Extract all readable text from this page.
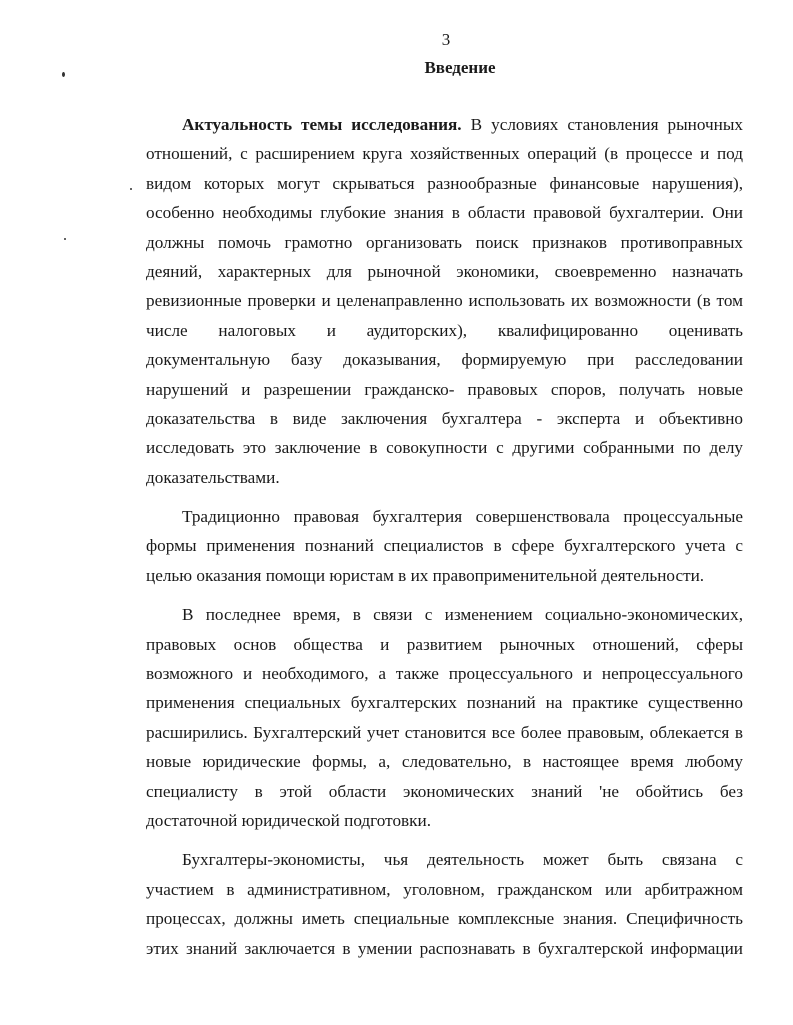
3
Введение
Актуальность темы исследования. В условиях становления рыночных
отношений, с расширением круга хозяйственных операций (в процессе и под
видом которых могут скрываться разнообразные финансовые нарушения),
особенно необходимы глубокие знания в области правовой бухгалтерии. Они
должны помочь грамотно организовать поиск признаков противоправных
деяний, характерных для рыночной экономики, своевременно назначать
ревизионные проверки и целенаправленно использовать их возможности (в том
числе налоговых и аудиторских), квалифицированно оценивать
документальную базу доказывания, формируемую при расследовании
нарушений и разрешении гражданско- правовых споров, получать новые
доказательства в виде заключения бухгалтера - эксперта и объективно
исследовать это заключение в совокупности с другими собранными по делу
доказательствами.
Традиционно правовая бухгалтерия совершенствовала процессуальные
формы применения познаний специалистов в сфере бухгалтерского учета с
целью оказания помощи юристам в их правоприменительной деятельности.
В последнее время, в связи с изменением социально-экономических,
правовых основ общества и развитием рыночных отношений, сферы
возможного и необходимого, а также процессуального и непроцессуального
применения специальных бухгалтерских познаний на практике существенно
расширились. Бухгалтерский учет становится все более правовым, облекается в
новые юридические формы, а, следовательно, в настоящее время любому
специалисту в этой области экономических знаний 'не обойтись без
достаточной юридической подготовки.
Бухгалтеры-экономисты, чья деятельность может быть связана с
участием в административном, уголовном, гражданском или арбитражном
процессах, должны иметь специальные комплексные знания. Специфичность
этих знаний заключается в умении распознавать в бухгалтерской информации
